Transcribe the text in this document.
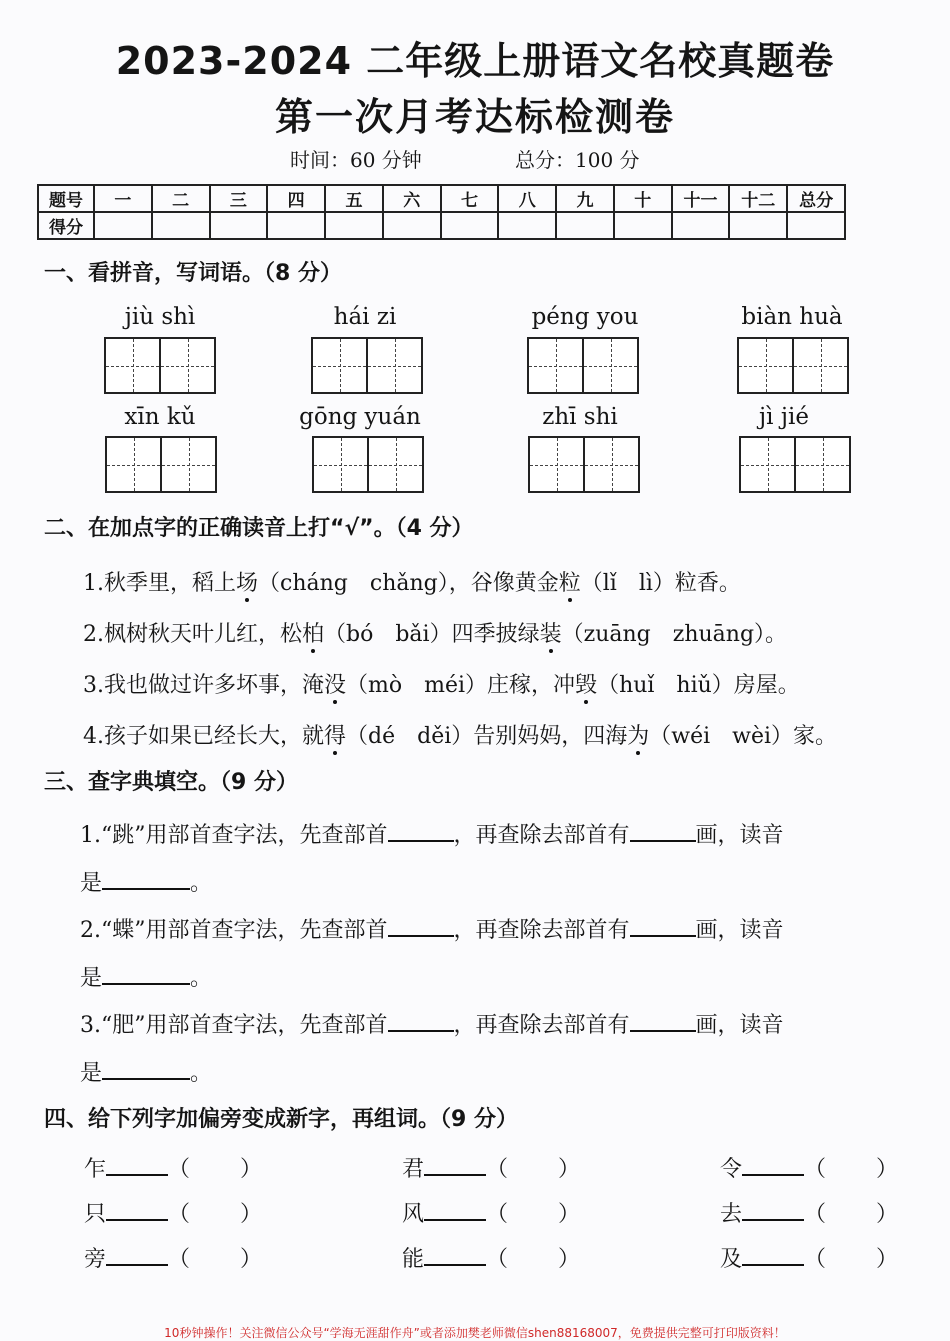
2023-2024 二年级上册语文名校真题卷
第一次月考达标检测卷
时间：60 分钟	总分：100 分
题号	一	二	三	四	五	六	七	八	九	十	十一	十二	总分
得分													
一、看拼音，写词语。（8 分）
jiù shì	hái zi	péng you	biàn huà
xīn kǔ	gōng yuán	zhī shi	jì jié
二、在加点字的正确读音上打“√”。（4 分）
1.秋季里，稻上场（cháng　chǎng），谷像黄金粒（lǐ　lì）粒香。
2.枫树秋天叶儿红，松柏（bó　bǎi）四季披绿装（zuāng　zhuāng）。
3.我也做过许多坏事，淹没（mò　méi）庄稼，冲毁（huǐ　hiǔ）房屋。
4.孩子如果已经长大，就得（dé　děi）告别妈妈，四海为（wéi　wèi）家。
三、查字典填空。（9 分）
1.“跳”用部首查字法，先查部首	，再查除去部首有	画，读音
是	。
2.“蝶”用部首查字法，先查部首	，再查除去部首有	画，读音
是	。
3.“肥”用部首查字法，先查部首	，再查除去部首有	画，读音
是	。
四、给下列字加偏旁变成新字，再组词。（9 分）
乍	（ ）	君	（ ）	令	（ ）
只	（ ）	风	（ ）	去	（ ）
旁	（ ）	能	（ ）	及	（ ）
10秒钟操作！关注微信公众号“学海无涯甜作舟”或者添加樊老师微信shen88168007，免费提供完整可打印版资料！
